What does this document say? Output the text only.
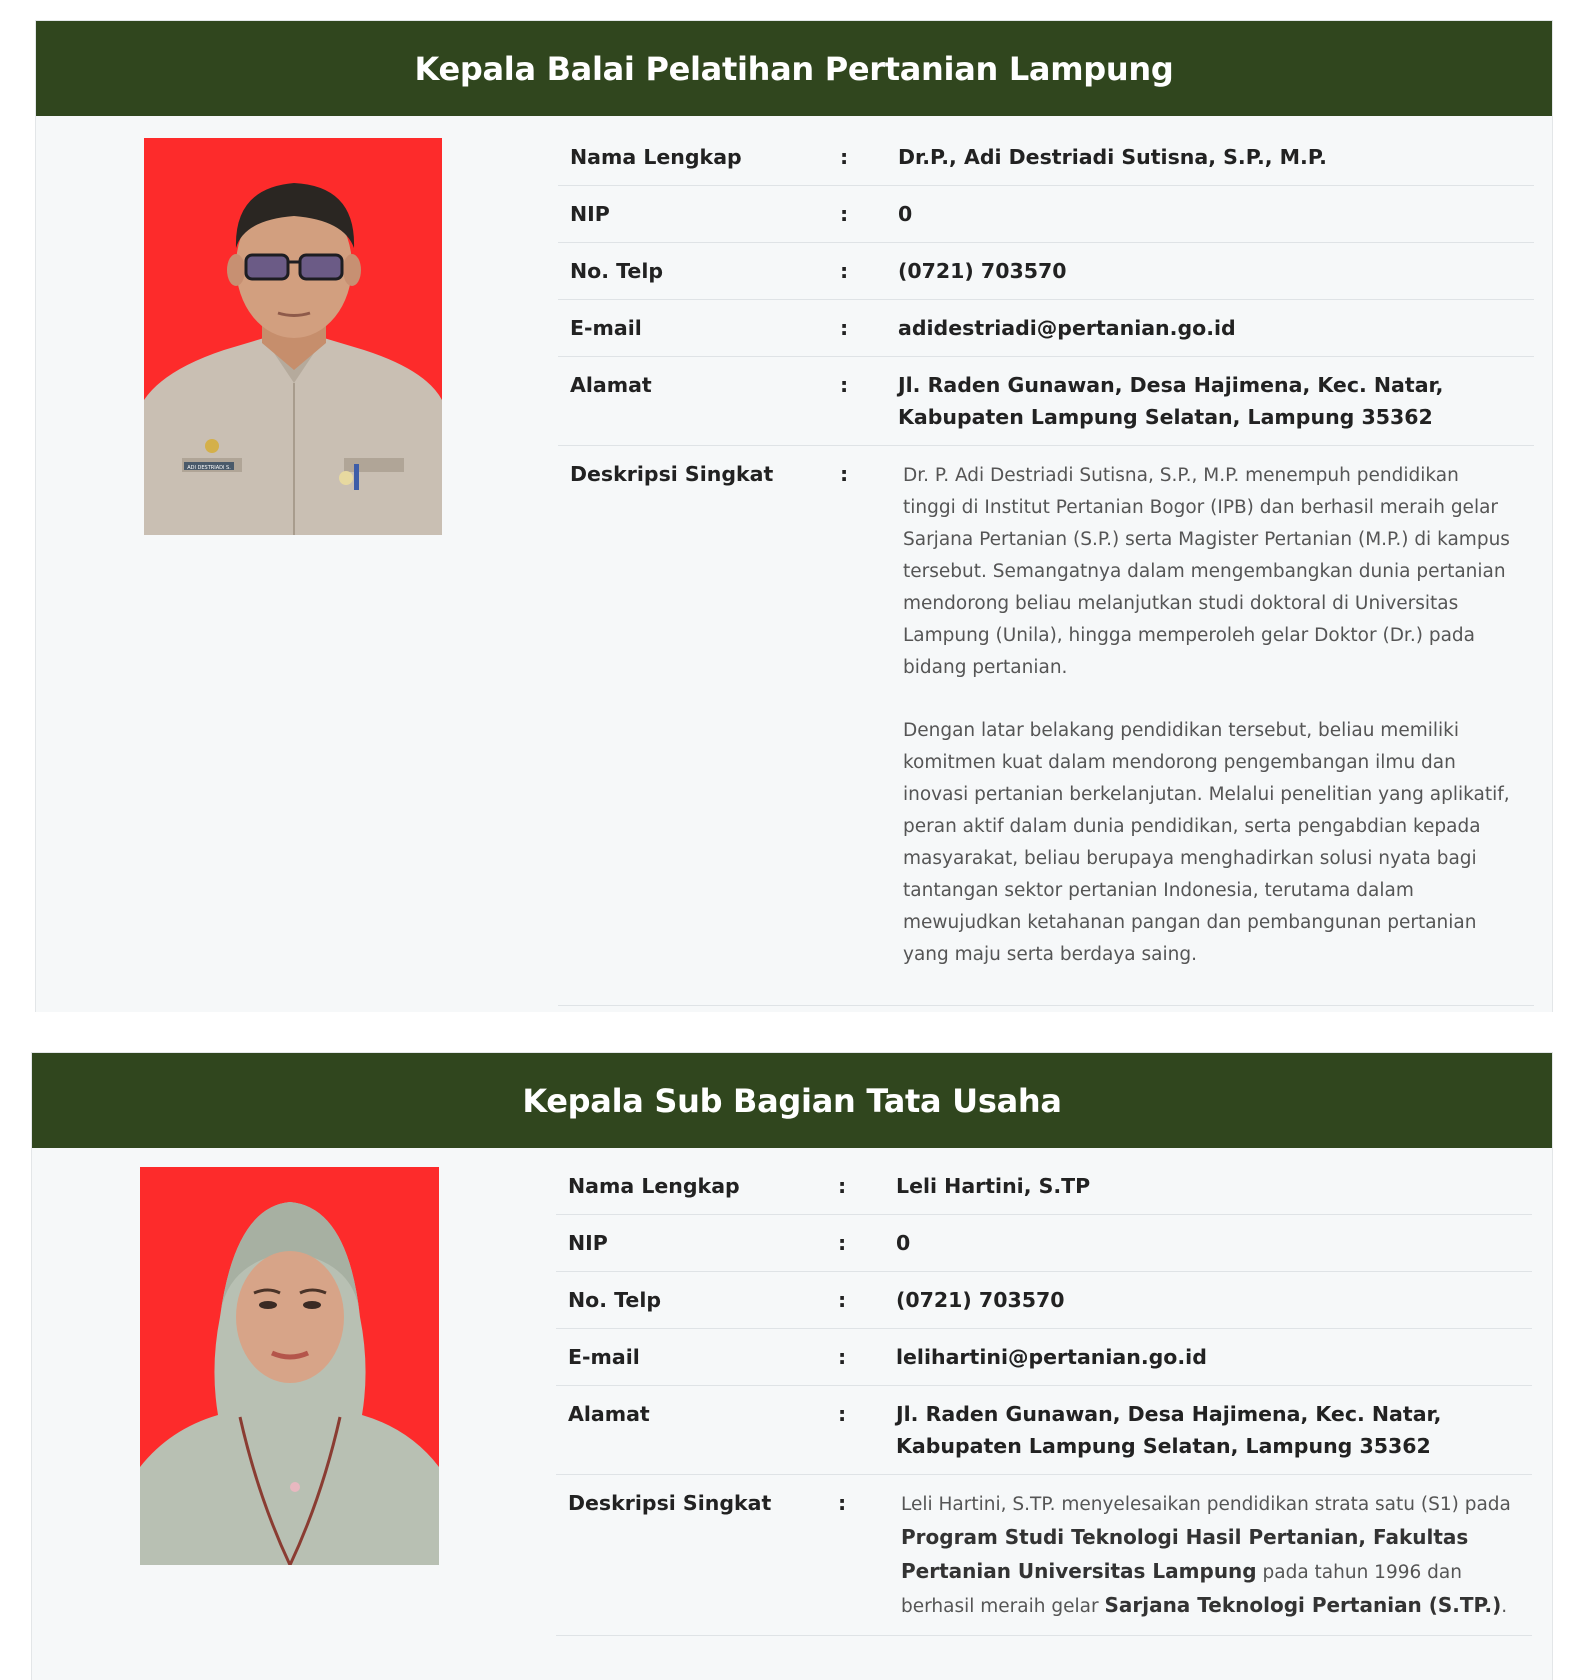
Kepala Balai Pelatihan Pertanian Lampung
ADI DESTRIADI S.
Nama Lengkap	:	Dr.P., Adi Destriadi Sutisna, S.P., M.P.
NIP	:	0
No. Telp	:	(0721) 703570
E-mail	:	adidestriadi@pertanian.go.id
Alamat	:	Jl. Raden Gunawan, Desa Hajimena, Kec. Natar, Kabupaten Lampung Selatan, Lampung 35362
Deskripsi Singkat	:	Dr. P. Adi Destriadi Sutisna, S.P., M.P. menempuh pendidikan tinggi di Institut Pertanian Bogor (IPB) dan berhasil meraih gelar Sarjana Pertanian (S.P.) serta Magister Pertanian (M.P.) di kampus tersebut. Semangatnya dalam mengembangkan dunia pertanian mendorong beliau melanjutkan studi doktoral di Universitas Lampung (Unila), hingga memperoleh gelar Doktor (Dr.) pada bidang pertanian.
Dengan latar belakang pendidikan tersebut, beliau memiliki komitmen kuat dalam mendorong pengembangan ilmu dan inovasi pertanian berkelanjutan. Melalui penelitian yang aplikatif, peran aktif dalam dunia pendidikan, serta pengabdian kepada masyarakat, beliau berupaya menghadirkan solusi nyata bagi tantangan sektor pertanian Indonesia, terutama dalam mewujudkan ketahanan pangan dan pembangunan pertanian yang maju serta berdaya saing.
Kepala Sub Bagian Tata Usaha
Nama Lengkap	:	Leli Hartini, S.TP
NIP	:	0
No. Telp	:	(0721) 703570
E-mail	:	lelihartini@pertanian.go.id
Alamat	:	Jl. Raden Gunawan, Desa Hajimena, Kec. Natar, Kabupaten Lampung Selatan, Lampung 35362
Deskripsi Singkat	:	Leli Hartini, S.TP. menyelesaikan pendidikan strata satu (S1) pada Program Studi Teknologi Hasil Pertanian, Fakultas Pertanian Universitas Lampung pada tahun 1996 dan berhasil meraih gelar Sarjana Teknologi Pertanian (S.TP.).
